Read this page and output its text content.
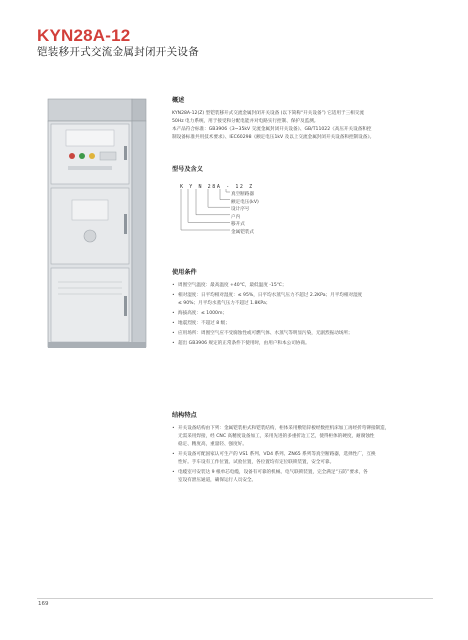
KYN28A-12
铠装移开式交流金属封闭开关设备
概述
KYN28A-12(Z) 型铠装移开式交流金属封闭开关设备 (以下简称“开关设备”) 它适用于三相交流
50Hz 电力系统，用于接受和分配电能并对电路实行控制、保护及监测。
本产品符合标准：GB3906《3~35kV 交流金属封闭开关设备》、GB/T11022《高压开关设备和控
制设备标准共用技术要求》、IEC60298《额定电压1kV 及以上交流金属封闭开关设备和控制设备》。
型号及含义
K Y N 28A - 12 Z
真空断路器
额定电压(kV)
设计序号
户内
移开式
金属铠装式
使用条件
• 周围空气温度：最高温度 +40℃，最低温度 -15℃；
• 相对湿度：日平均相对湿度：≤ 95%，日平均水蒸气压力不超过 2.2KPa；月平均相对湿度
≤ 90%；月平均水蒸气压力不超过 1.8KPa；
• 海拔高度：≤ 1000m；
• 地震烈度：不超过 8 级；
• 应用场所：周围空气应不受腐蚀性或可燃气体、水蒸气等明显污染，无剧烈振动场所；
• 超出 GB3906 规定的正常条件下使用时，由用户和本公司协商。
结构特点
• 开关设备结构由下列：金属铠装柜式和铠装结构，柜体采用敷铝锌板经数控机床加工再经折弯铆接制造，
无需采用焊接，经 CNC 高精度设备加工，采用先进的多重折边工艺，使得柜体的硬度，耐腐蚀性
稳定、精度高，重量轻、强度好。
• 开关设备可配国家认可生产的 VS1 系列、VD4 系列、ZN65 系列等真空断路器，选择性广，互换
性好。手车设有工作位置、试验位置，各位置均有定位联锁装置，安全可靠。
• 电缆室可安装达 9 根单芯电缆，设备有可靠的机械、电气联锁装置，完全满足“五防”要求，各
室设有泄压通道，确保运行人员安全。
169
